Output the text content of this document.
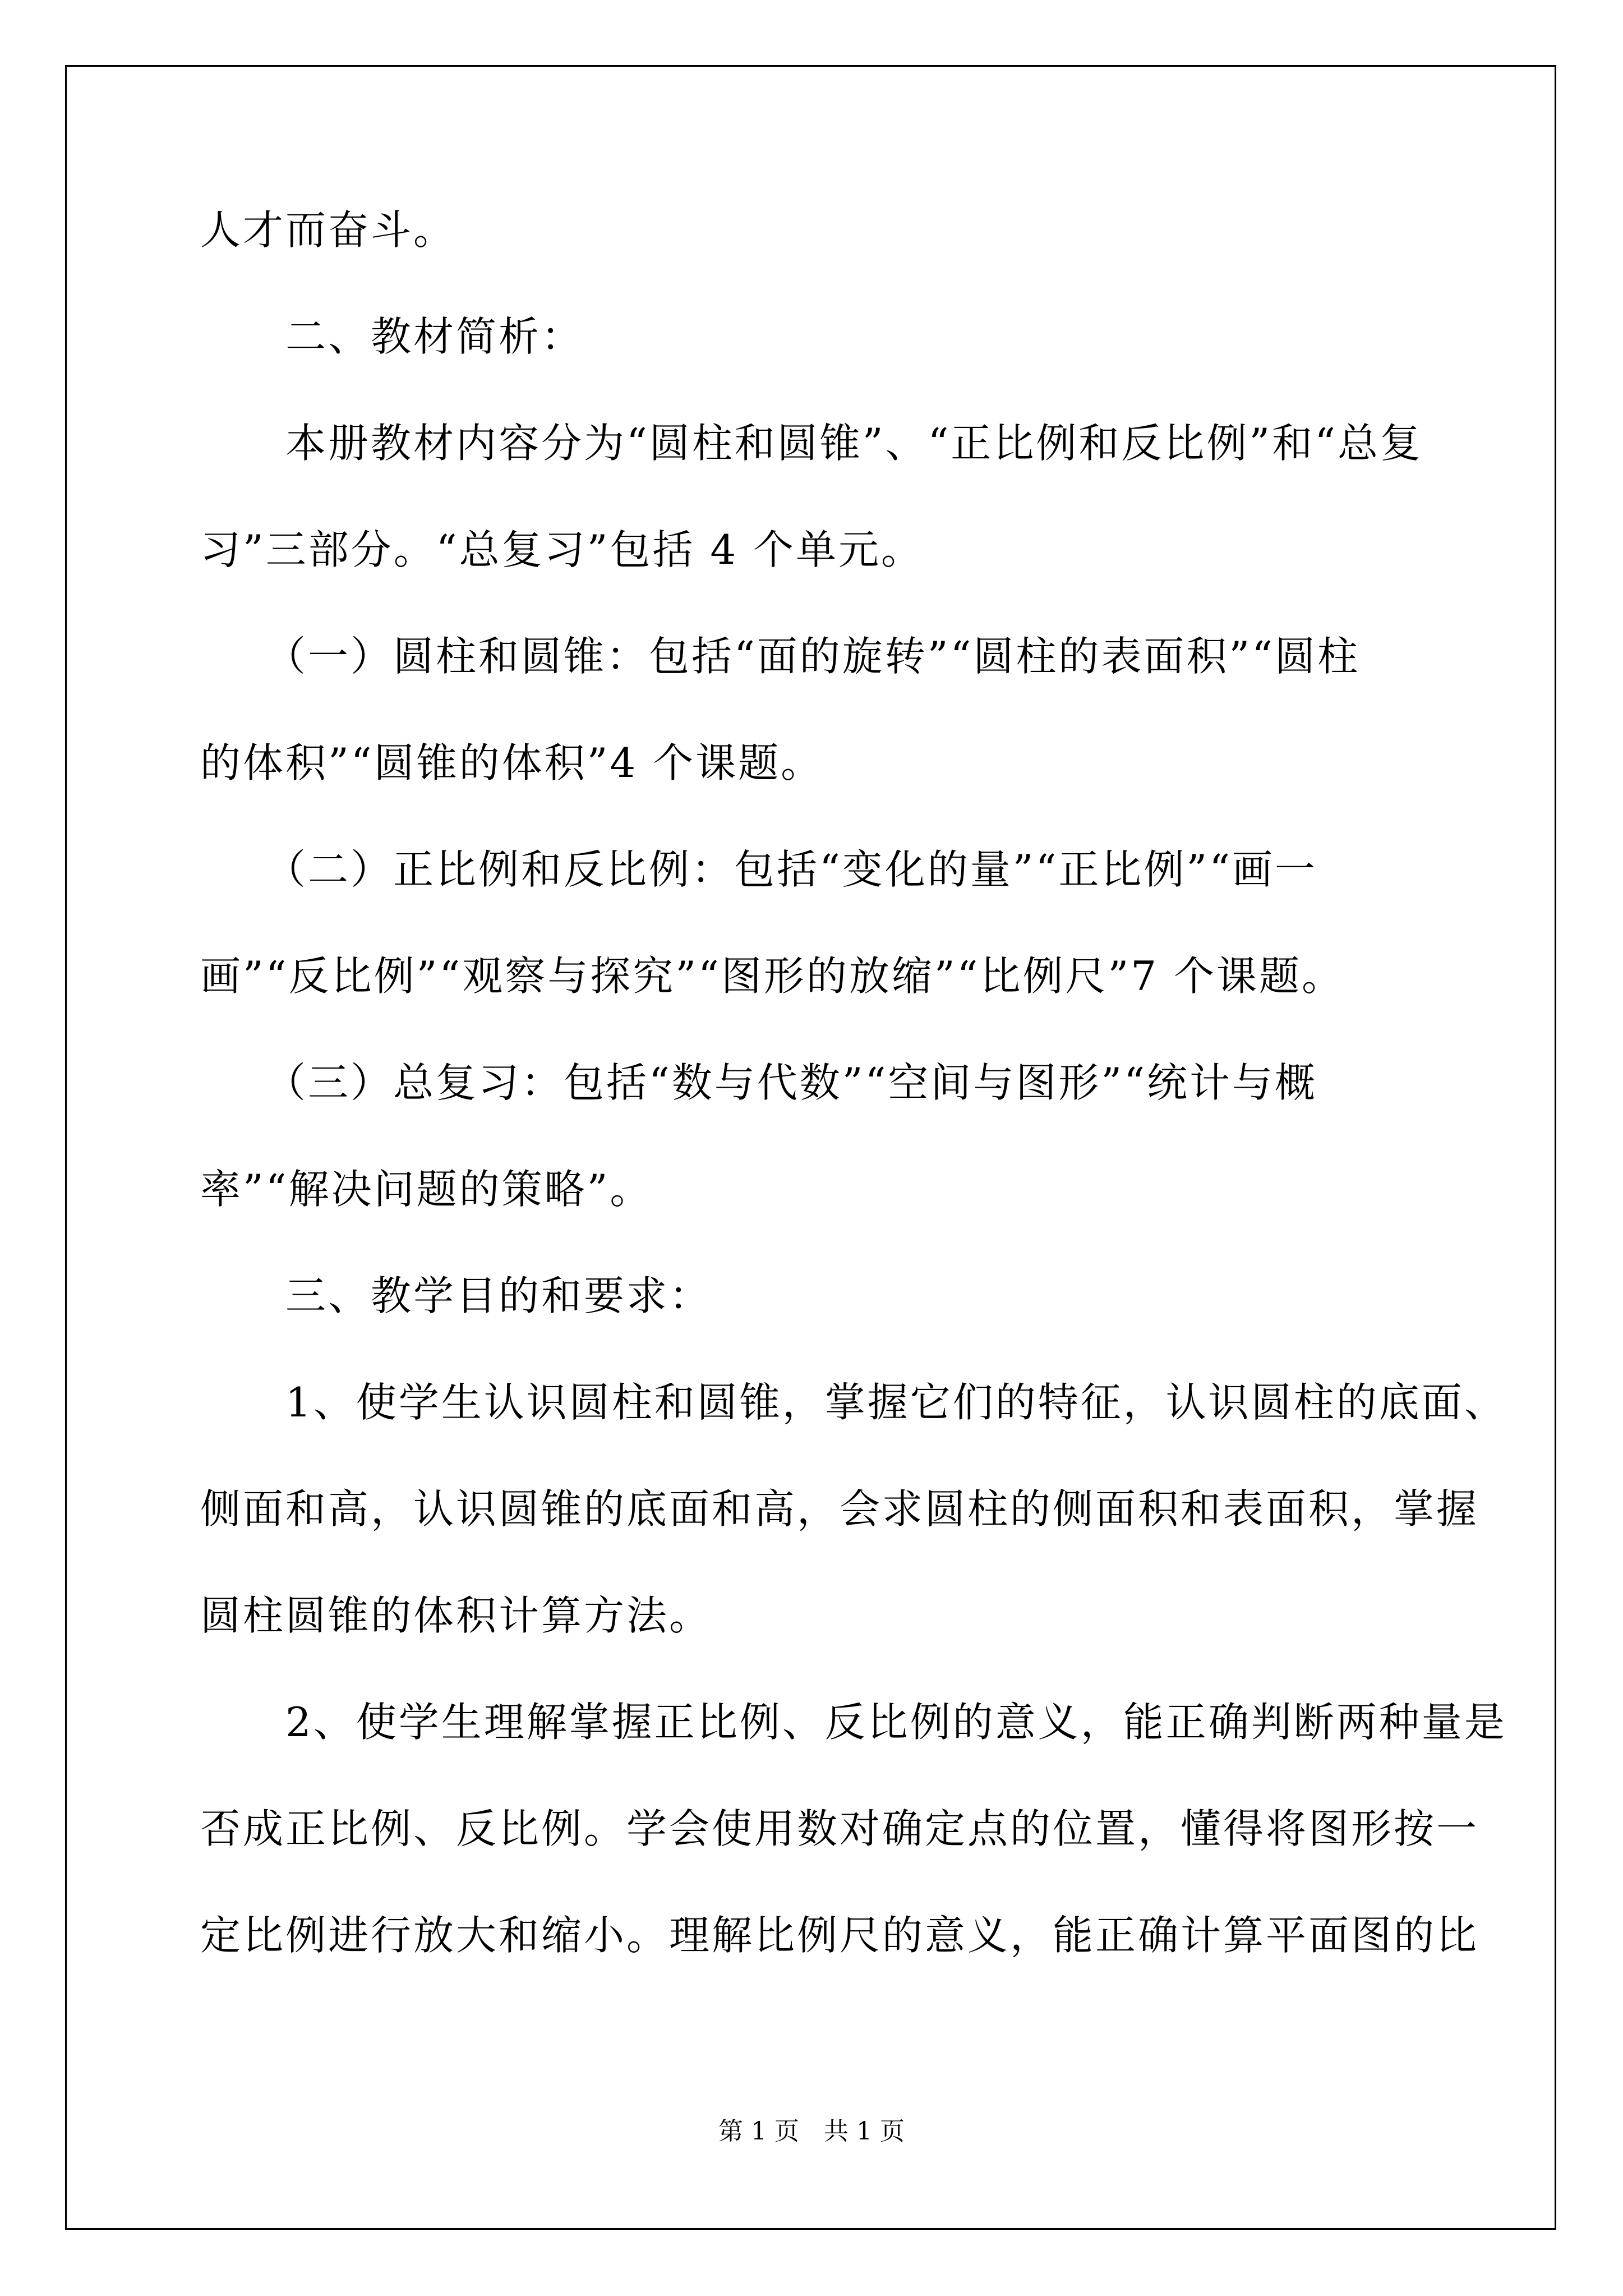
人才而奋斗。
　　二、教材简析：
　　本册教材内容分为“圆柱和圆锥”、“正比例和反比例”和“总复
习”三部分。“总复习”包括 4 个单元。
　　（一）圆柱和圆锥：包括“面的旋转”“圆柱的表面积”“圆柱
的体积”“圆锥的体积”4 个课题。
　　（二）正比例和反比例：包括“变化的量”“正比例”“画一
画”“反比例”“观察与探究”“图形的放缩”“比例尺”7 个课题。
　　（三）总复习：包括“数与代数”“空间与图形”“统计与概
率”“解决问题的策略”。
　　三、教学目的和要求：
　　1、使学生认识圆柱和圆锥，掌握它们的特征，认识圆柱的底面、
侧面和高，认识圆锥的底面和高，会求圆柱的侧面积和表面积，掌握
圆柱圆锥的体积计算方法。
　　2、使学生理解掌握正比例、反比例的意义，能正确判断两种量是
否成正比例、反比例。学会使用数对确定点的位置，懂得将图形按一
定比例进行放大和缩小。理解比例尺的意义，能正确计算平面图的比
第 1 页　共 1 页
